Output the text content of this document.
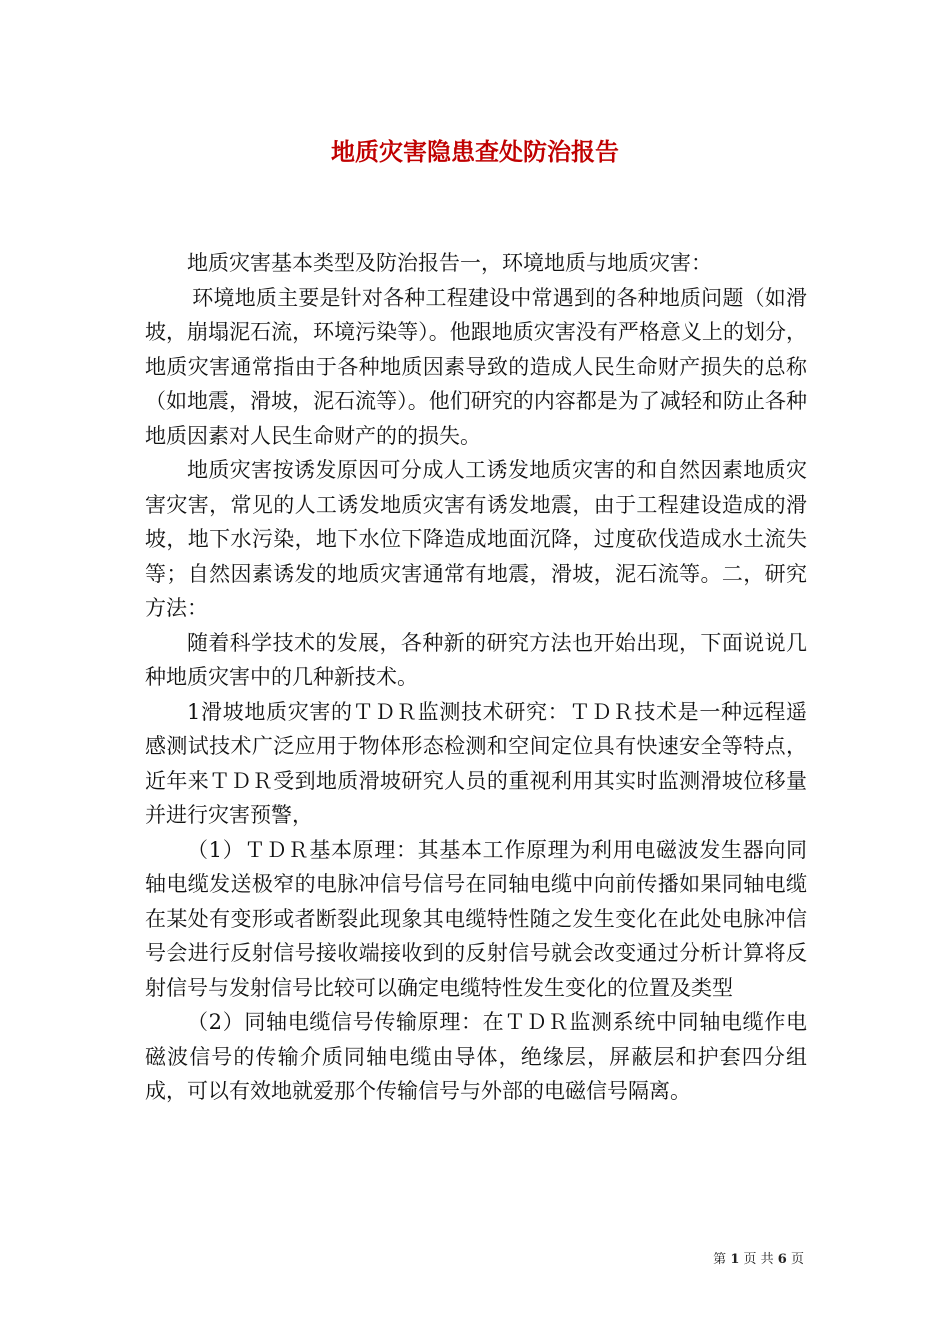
地质灾害隐患查处防治报告

地质灾害基本类型及防治报告一，环境地质与地质灾害：

环境地质主要是针对各种工程建设中常遇到的各种地质问题（如滑坡，崩塌泥石流，环境污染等）。他跟地质灾害没有严格意义上的划分，地质灾害通常指由于各种地质因素导致的造成人民生命财产损失的总称（如地震，滑坡，泥石流等）。他们研究的内容都是为了减轻和防止各种地质因素对人民生命财产的的损失。

地质灾害按诱发原因可分成人工诱发地质灾害的和自然因素地质灾害灾害，常见的人工诱发地质灾害有诱发地震，由于工程建设造成的滑坡，地下水污染，地下水位下降造成地面沉降，过度砍伐造成水土流失等；自然因素诱发的地质灾害通常有地震，滑坡，泥石流等。二，研究方法：

随着科学技术的发展，各种新的研究方法也开始出现，下面说说几种地质灾害中的几种新技术。

1滑坡地质灾害的ＴＤＲ监测技术研究：ＴＤＲ技术是一种远程遥感测试技术广泛应用于物体形态检测和空间定位具有快速安全等特点，近年来ＴＤＲ受到地质滑坡研究人员的重视利用其实时监测滑坡位移量并进行灾害预警，

（1）ＴＤＲ基本原理：其基本工作原理为利用电磁波发生器向同轴电缆发送极窄的电脉冲信号信号在同轴电缆中向前传播如果同轴电缆在某处有变形或者断裂此现象其电缆特性随之发生变化在此处电脉冲信号会进行反射信号接收端接收到的反射信号就会改变通过分析计算将反射信号与发射信号比较可以确定电缆特性发生变化的位置及类型

（2）同轴电缆信号传输原理：在ＴＤＲ监测系统中同轴电缆作电磁波信号的传输介质同轴电缆由导体，绝缘层，屏蔽层和护套四分组成，可以有效地就爱那个传输信号与外部的电磁信号隔离。

第 1 页 共 6 页
